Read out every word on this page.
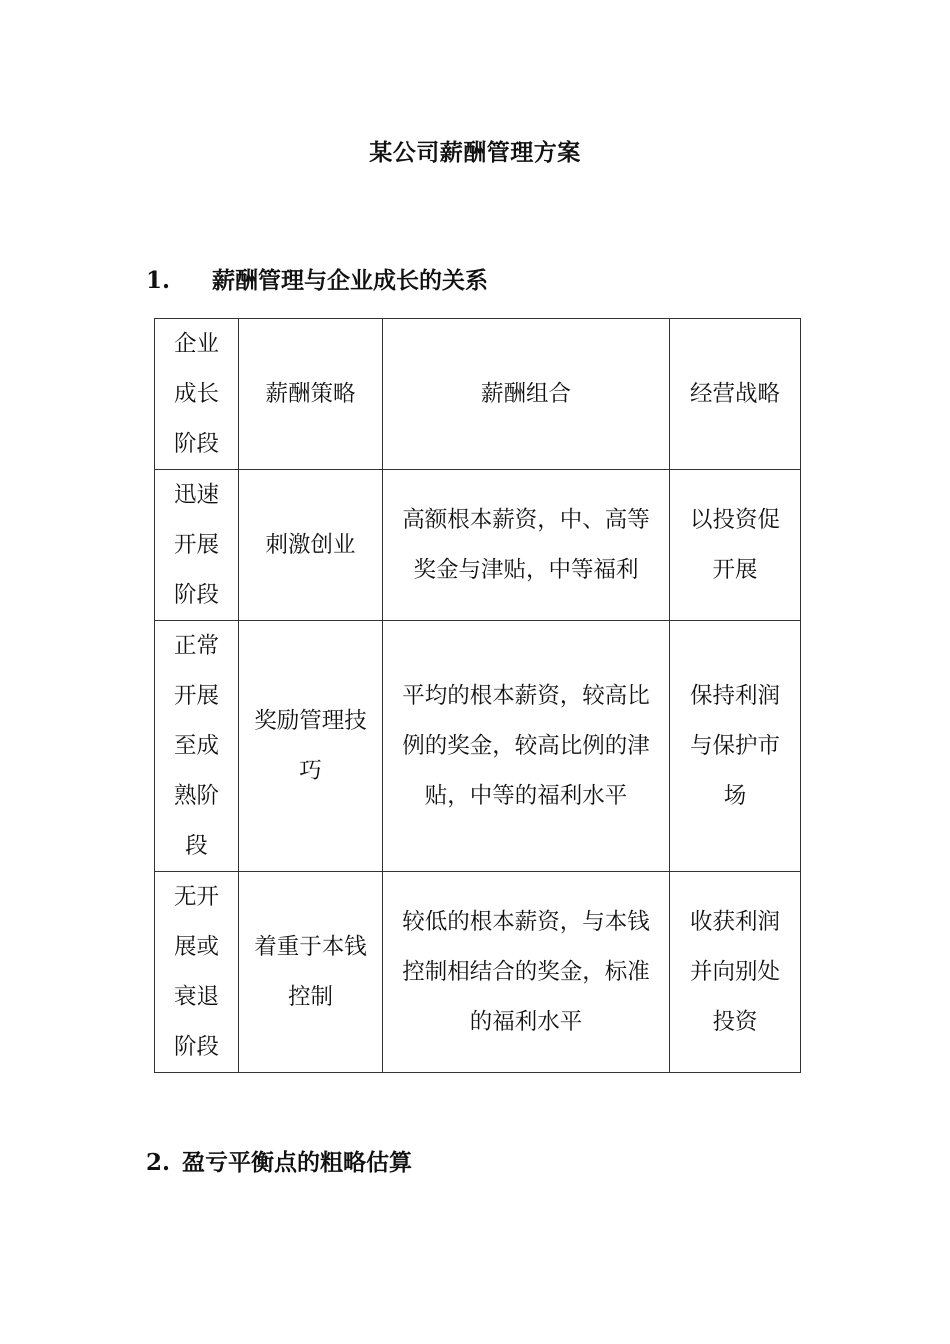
某公司薪酬管理方案
1. 薪酬管理与企业成长的关系
企业成长阶段	薪酬策略	薪酬组合	经营战略
迅速开展阶段	刺激创业	高额根本薪资，中、高等奖金与津贴，中等福利	以投资促开展
正常开展至成熟阶段	奖励管理技巧	平均的根本薪资，较高比例的奖金，较高比例的津贴，中等的福利水平	保持利润与保护市场
无开展或衰退阶段	着重于本钱控制	较低的根本薪资，与本钱控制相结合的奖金，标准的福利水平	收获利润并向别处投资
2. 盈亏平衡点的粗略估算
